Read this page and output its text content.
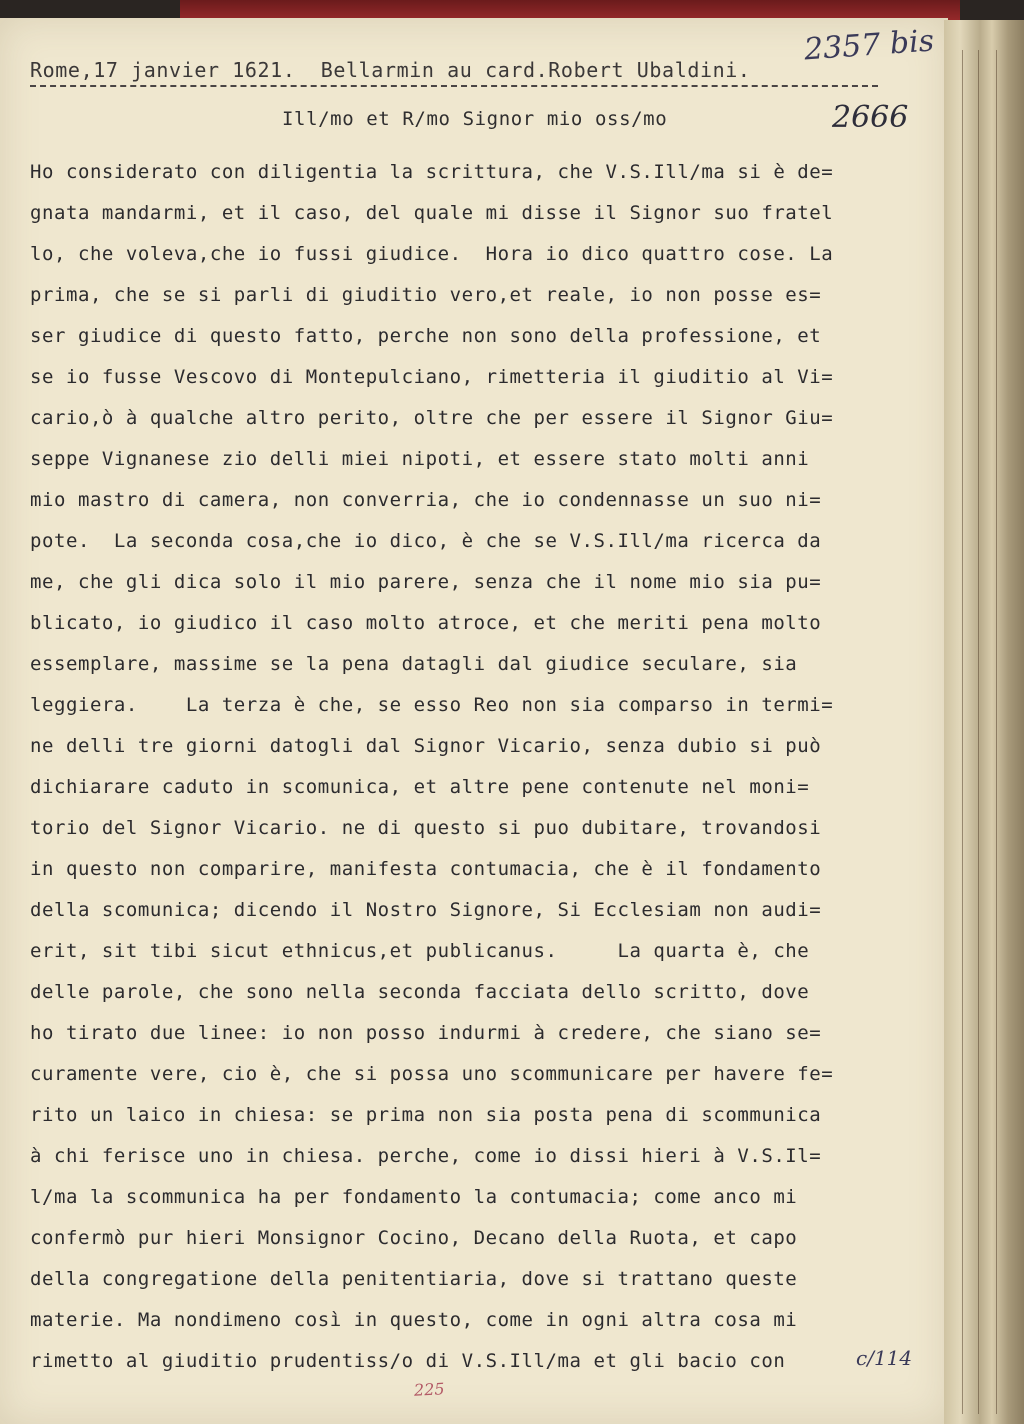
2357 bis
Rome,17 janvier 1621.  Bellarmin au card.Robert Ubaldini.
Ill/mo et R/mo Signor mio oss/mo	2666
Ho considerato con diligentia la scrittura, che V.S.Ill/ma si è de=
gnata mandarmi, et il caso, del quale mi disse il Signor suo fratel
lo, che voleva,che io fussi giudice.  Hora io dico quattro cose. La
prima, che se si parli di giuditio vero,et reale, io non posse es=
ser giudice di questo fatto, perche non sono della professione, et
se io fusse Vescovo di Montepulciano, rimetteria il giuditio al Vi=
cario,ò à qualche altro perito, oltre che per essere il Signor Giu=
seppe Vignanese zio delli miei nipoti, et essere stato molti anni
mio mastro di camera, non converria, che io condennasse un suo ni=
pote.  La seconda cosa,che io dico, è che se V.S.Ill/ma ricerca da
me, che gli dica solo il mio parere, senza che il nome mio sia pu=
blicato, io giudico il caso molto atroce, et che meriti pena molto
essemplare, massime se la pena datagli dal giudice seculare, sia
leggiera.    La terza è che, se esso Reo non sia comparso in termi=
ne delli tre giorni datogli dal Signor Vicario, senza dubio si può
dichiarare caduto in scomunica, et altre pene contenute nel moni=
torio del Signor Vicario. ne di questo si puo dubitare, trovandosi
in questo non comparire, manifesta contumacia, che è il fondamento
della scomunica; dicendo il Nostro Signore, Si Ecclesiam non audi=
erit, sit tibi sicut ethnicus,et publicanus.     La quarta è, che
delle parole, che sono nella seconda facciata dello scritto, dove
ho tirato due linee: io non posso indurmi à credere, che siano se=
curamente vere, cio è, che si possa uno scommunicare per havere fe=
rito un laico in chiesa: se prima non sia posta pena di scommunica
à chi ferisce uno in chiesa. perche, come io dissi hieri à V.S.Il=
l/ma la scommunica ha per fondamento la contumacia; come anco mi
confermò pur hieri Monsignor Cocino, Decano della Ruota, et capo
della congregatione della penitentiaria, dove si trattano queste
materie. Ma nondimeno così in questo, come in ogni altra cosa mi
rimetto al giuditio prudentiss/o di V.S.Ill/ma et gli bacio con	c/114
225
